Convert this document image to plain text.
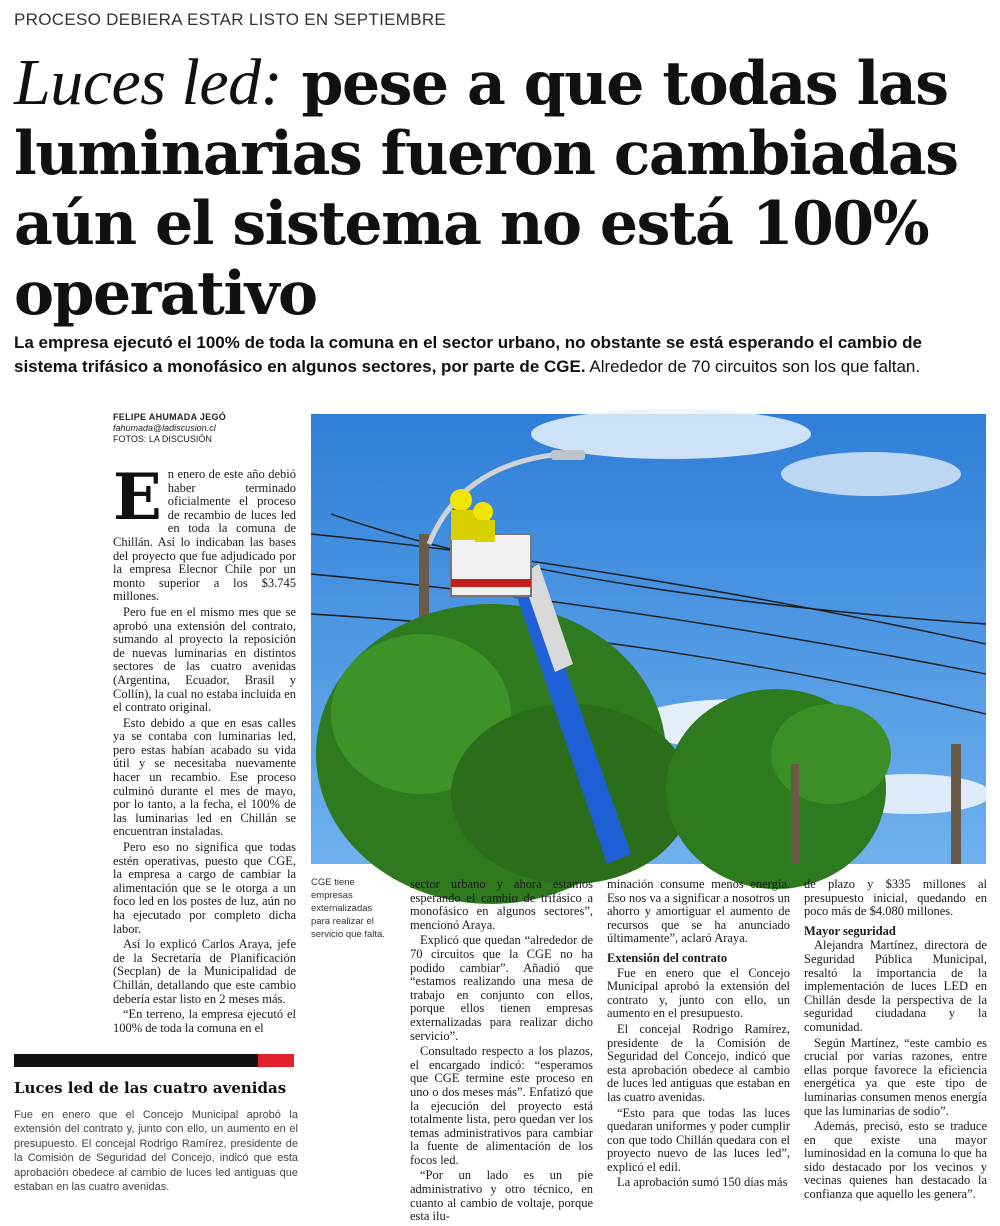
PROCESO DEBIERA ESTAR LISTO EN SEPTIEMBRE
Luces led: pese a que todas las luminarias fueron cambiadas aún el sistema no está 100% operativo
La empresa ejecutó el 100% de toda la comuna en el sector urbano, no obstante se está esperando el cambio de sistema trifásico a monofásico en algunos sectores, por parte de CGE. Alrededor de 70 circuitos son los que faltan.
FELIPE AHUMADA JEGÓ
fahumada@ladiscusion.cl
FOTOS: LA DISCUSIÓN
CGE tiene empresas externalizadas para realizar el servicio que falta.
E n enero de este año debió haber terminado oficialmente el proceso de recambio de luces led en toda la comuna de Chillán. Así lo indicaban las bases del proyecto que fue adjudicado por la empresa Elecnor Chile por un monto superior a los $3.745 millones.

Pero fue en el mismo mes que se aprobó una extensión del contrato, sumando al proyecto la reposición de nuevas luminarias en distintos sectores de las cuatro avenidas (Argentina, Ecuador, Brasil y Collín), la cual no estaba incluida en el contrato original.

Esto debido a que en esas calles ya se contaba con luminarias led, pero estas habían acabado su vida útil y se necesitaba nuevamente hacer un recambio. Ese proceso culminó durante el mes de mayo, por lo tanto, a la fecha, el 100% de las luminarias led en Chillán se encuentran instaladas.

Pero eso no significa que todas estén operativas, puesto que CGE, la empresa a cargo de cambiar la alimentación que se le otorga a un foco led en los postes de luz, aún no ha ejecutado por completo dicha labor.

Así lo explicó Carlos Araya, jefe de la Secretaría de Planificación (Secplan) de la Municipalidad de Chillán, detallando que este cambio debería estar listo en 2 meses más.

“En terreno, la empresa ejecutó el 100% de toda la comuna en el

sector urbano y ahora estamos esperando el cambio de trifásico a monofásico en algunos sectores”, mencionó Araya.

Explicó que quedan “alrededor de 70 circuitos que la CGE no ha podido cambiar”. Añadió que “estamos realizando una mesa de trabajo en conjunto con ellos, porque ellos tienen empresas externalizadas para realizar dicho servicio”.

Consultado respecto a los plazos, el encargado indicó: “esperamos que CGE termine este proceso en uno o dos meses más”. Enfatizó que la ejecución del proyecto está totalmente lista, pero quedan ver los temas administrativos para cambiar la fuente de alimentación de los focos led.

“Por un lado es un pie administrativo y otro técnico, en cuanto al cambio de voltaje, porque esta ilu-

minación consume menos energía. Eso nos va a significar a nosotros un ahorro y amortiguar el aumento de recursos que se ha anunciado últimamente”, aclaró Araya.

Extensión del contrato

Fue en enero que el Concejo Municipal aprobó la extensión del contrato y, junto con ello, un aumento en el presupuesto.

El concejal Rodrigo Ramírez, presidente de la Comisión de Seguridad del Concejo, indicó que esta aprobación obedece al cambio de luces led antiguas que estaban en las cuatro avenidas.

“Esto para que todas las luces quedaran uniformes y poder cumplir con que todo Chillán quedara con el proyecto nuevo de las luces led”, explicó el edil.

La aprobación sumó 150 días más

de plazo y $335 millones al presupuesto inicial, quedando en poco más de $4.080 millones.

Mayor seguridad

Alejandra Martínez, directora de Seguridad Pública Municipal, resaltó la importancia de la implementación de luces LED en Chillán desde la perspectiva de la seguridad ciudadana y la comunidad.

Según Martínez, “este cambio es crucial por varias razones, entre ellas porque favorece la eficiencia energética ya que este tipo de luminarias consumen menos energía que las luminarias de sodio”.

Además, precisó, esto se traduce en que existe una mayor luminosidad en la comuna lo que ha sido destacado por los vecinos y vecinas quienes han destacado la confianza que aquello les genera”.

Luces led de las cuatro avenidas
Fue en enero que el Concejo Municipal aprobó la extensión del contrato y, junto con ello, un aumento en el presupuesto. El concejal Rodrigo Ramírez, presidente de la Comisión de Seguridad del Concejo, indicó que esta aprobación obedece al cambio de luces led antiguas que estaban en las cuatro avenidas.
